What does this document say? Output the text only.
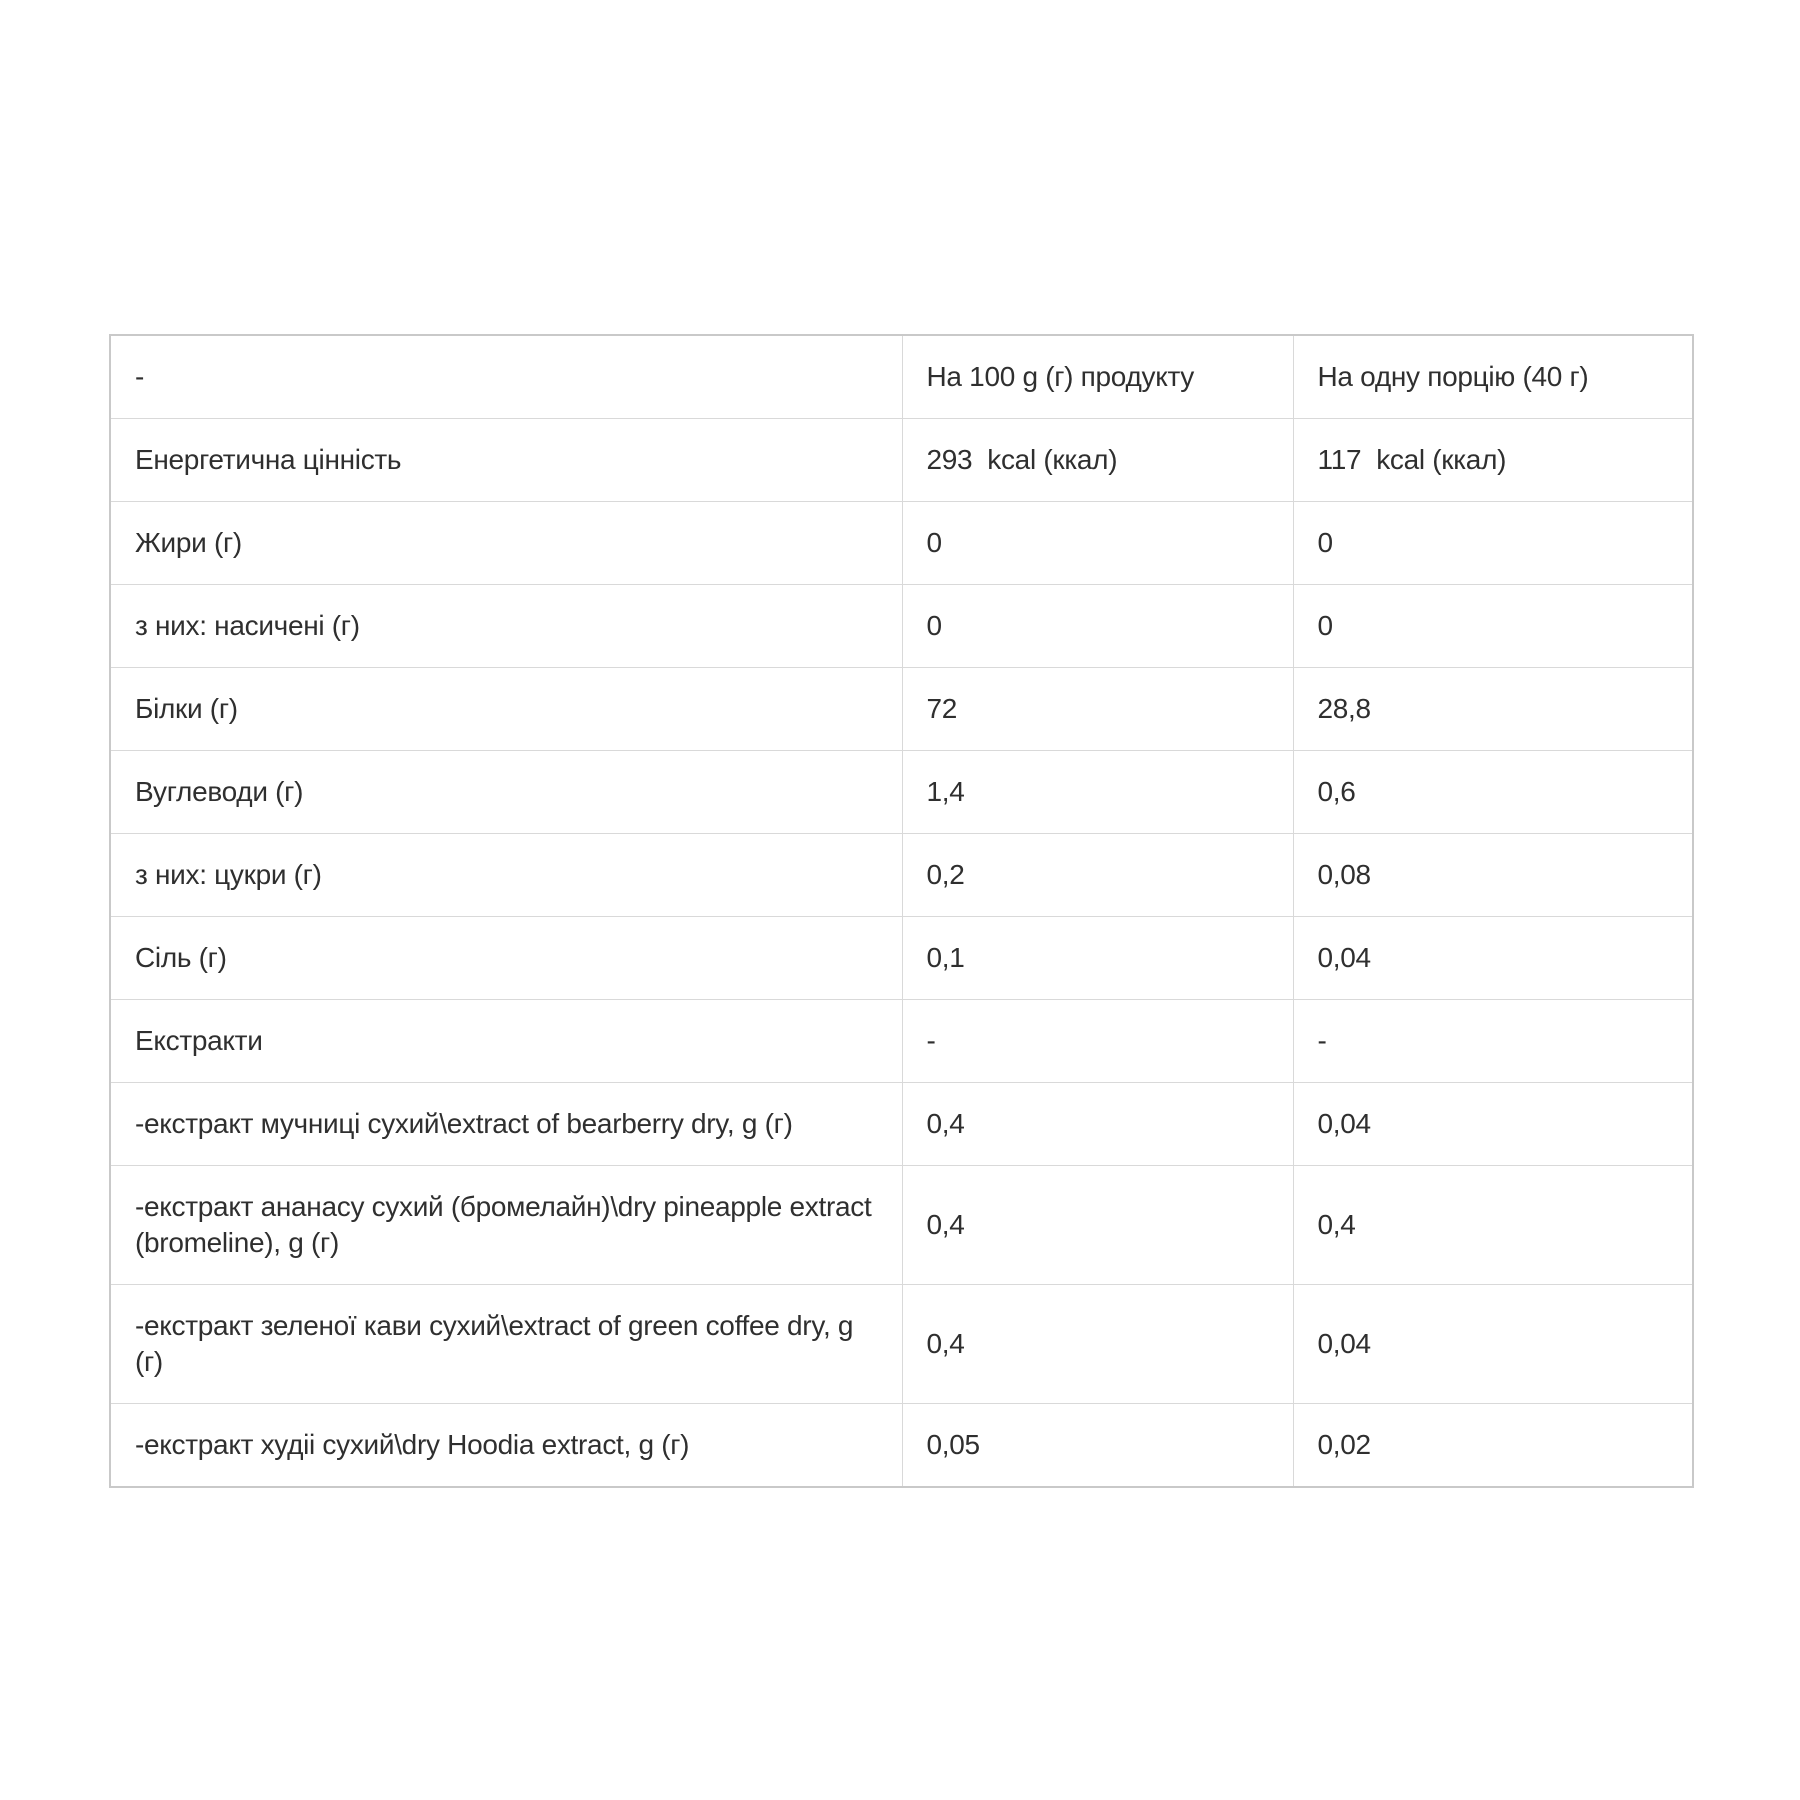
-	На 100 g (г) продукту	На одну порцію (40 г)
Енергетична цінність	293  kcal (ккал)	117  kcal (ккал)
Жири (г)	0	0
з них: насичені (г)	0	0
Білки (г)	72	28,8
Вуглеводи (г)	1,4	0,6
з них: цукри (г)	0,2	0,08
Сіль (г)	0,1	0,04
Екстракти	-	-
-екстракт мучниці сухий\extract of bearberry dry, g (г)	0,4	0,04
-екстракт ананасу сухий (бромелайн)\dry pineapple extract (bromeline), g (г)	0,4	0,4
-екстракт зеленої кави сухий\extract of green coffee dry, g (г)	0,4	0,04
-екстракт худіі сухий\dry Hoodia extract, g (г)	0,05	0,02
